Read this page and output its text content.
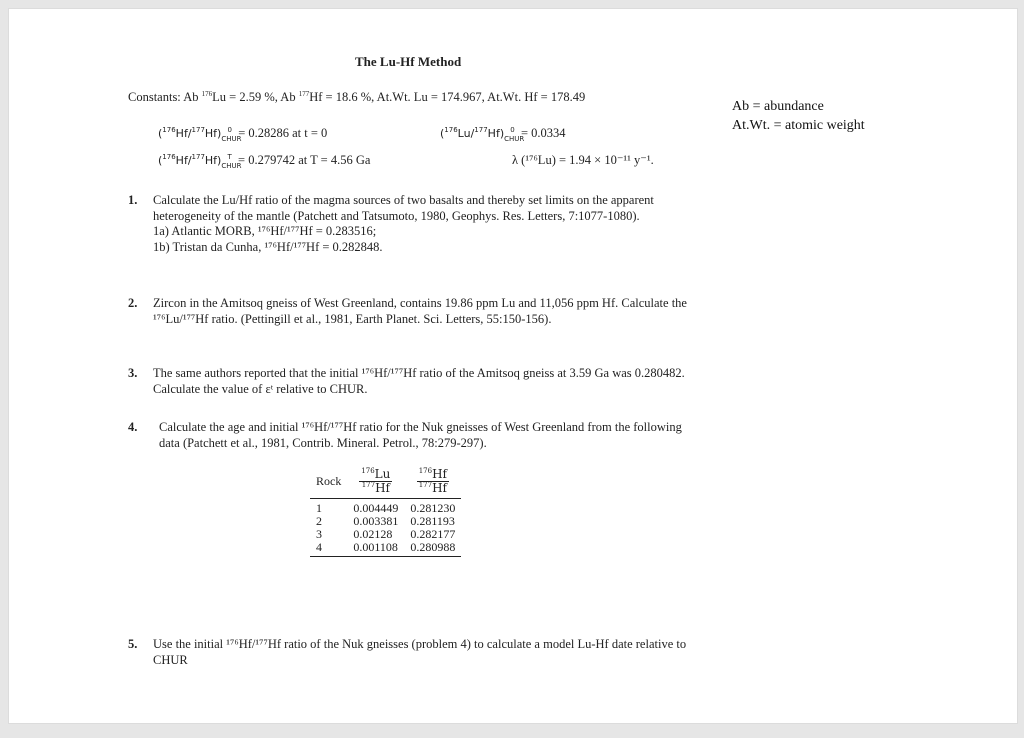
The Lu-Hf Method
Constants: Ab $^{176}$Lu = 2.59 %, Ab $^{177}$Hf = 18.6 %, At.Wt. Lu = 174.967, At.Wt. Hf = 178.49
Ab = abundance
At.Wt. = atomic weight
$(^{176}Hf/^{177}Hf)_{CHUR}^0 = 0.28286$ at t = 0
$(^{176}Hf/^{177}Hf)_{CHUR}^T = 0.279742$ at T = 4.56 Ga
$(^{176}Lu/^{177}Hf)_{CHUR}^0 = 0.0334$
λ (¹⁷⁶Lu) = 1.94 × 10⁻¹¹ y⁻¹.
1. Calculate the Lu/Hf ratio of the magma sources of two basalts and thereby set limits on the apparent heterogeneity of the mantle (Patchett and Tatsumoto, 1980, Geophys. Res. Letters, 7:1077-1080).
1a) Atlantic MORB, ¹⁷⁶Hf/¹⁷⁷Hf = 0.283516;
1b) Tristan da Cunha, ¹⁷⁶Hf/¹⁷⁷Hf = 0.282848.
2. Zircon in the Amitsoq gneiss of West Greenland, contains 19.86 ppm Lu and 11,056 ppm Hf. Calculate the ¹⁷⁶Lu/¹⁷⁷Hf ratio. (Pettingill et al., 1981, Earth Planet. Sci. Letters, 55:150-156).
3. The same authors reported that the initial ¹⁷⁶Hf/¹⁷⁷Hf ratio of the Amitsoq gneiss at 3.59 Ga was 0.280482. Calculate the value of εᵗ relative to CHUR.
4. Calculate the age and initial ¹⁷⁶Hf/¹⁷⁷Hf ratio for the Nuk gneisses of West Greenland from the following data (Patchett et al., 1981, Contrib. Mineral. Petrol., 78:279-297).
Rock	$\frac{^{176}Lu}{^{177}Hf}$	$\frac{^{176}Hf}{^{177}Hf}$

1	0.004449	0.281230
2	0.003381	0.281193
3	0.02128	0.282177
4	0.001108	0.280988
5. Use the initial ¹⁷⁶Hf/¹⁷⁷Hf ratio of the Nuk gneisses (problem 4) to calculate a model Lu-Hf date relative to CHUR
